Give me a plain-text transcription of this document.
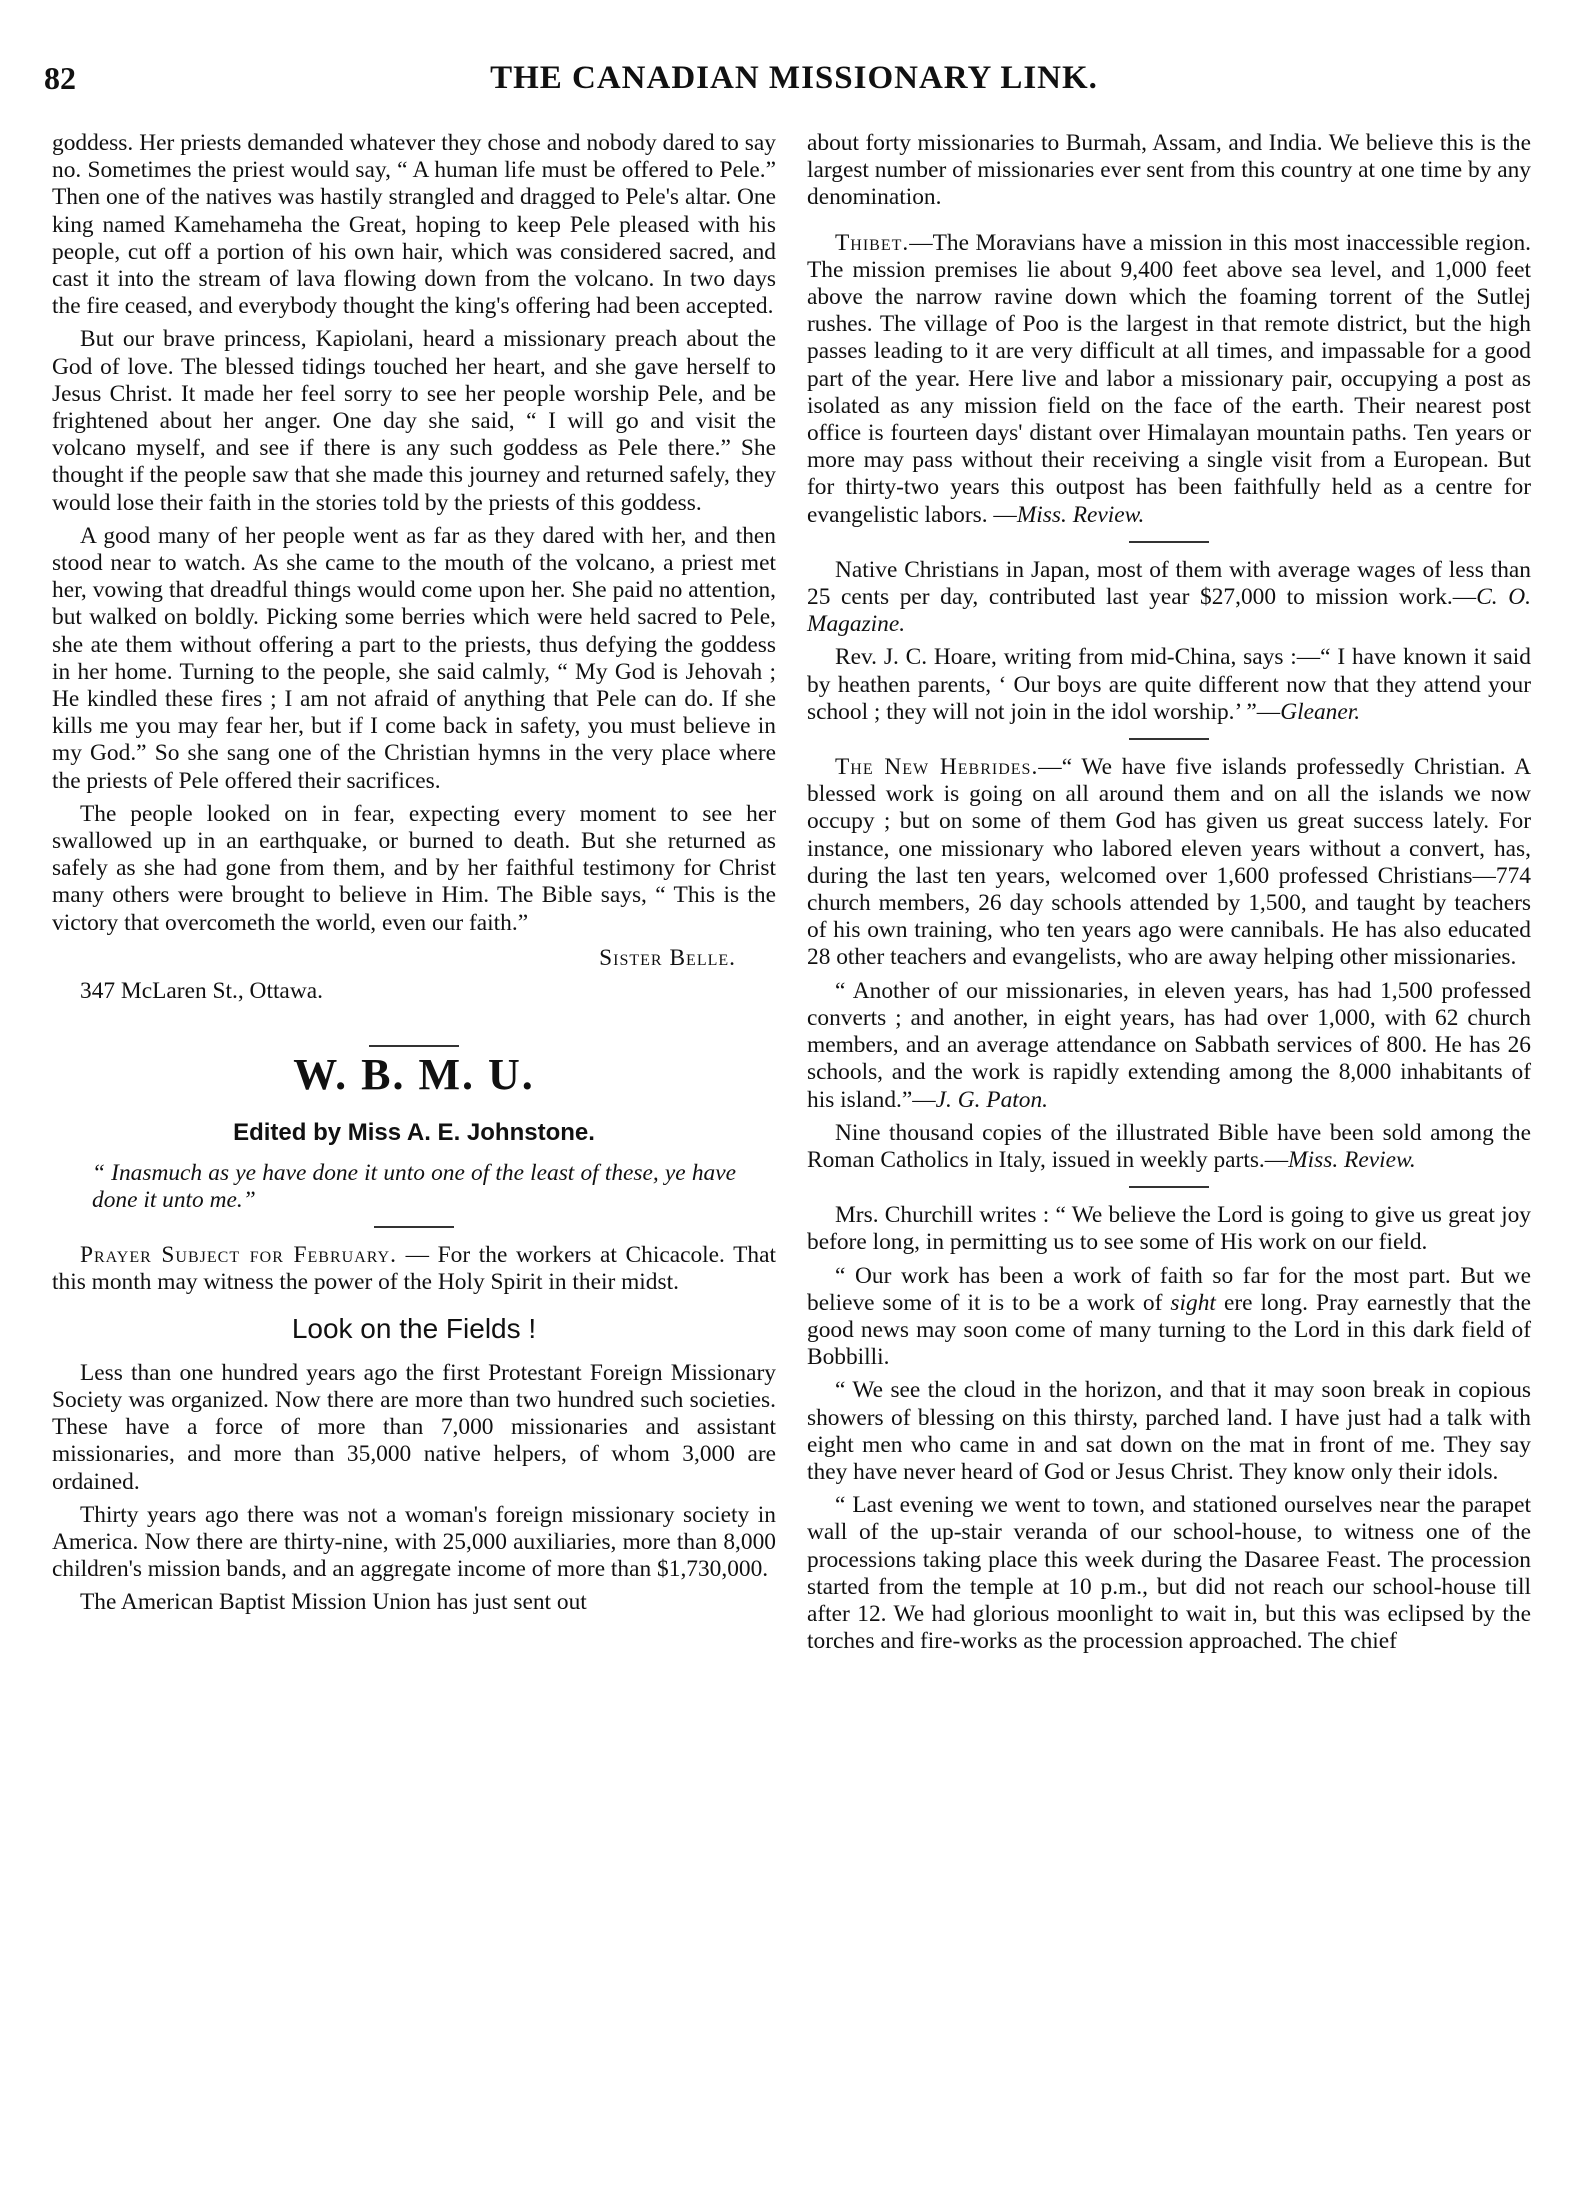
82	THE CANADIAN MISSIONARY LINK.

goddess. Her priests demanded whatever they chose and nobody dared to say no. Sometimes the priest would say, “ A human life must be offered to Pele.” Then one of the natives was hastily strangled and dragged to Pele's altar. One king named Kamehameha the Great, hoping to keep Pele pleased with his people, cut off a portion of his own hair, which was considered sacred, and cast it into the stream of lava flowing down from the volcano. In two days the fire ceased, and everybody thought the king's offering had been accepted.

But our brave princess, Kapiolani, heard a missionary preach about the God of love. The blessed tidings touched her heart, and she gave herself to Jesus Christ. It made her feel sorry to see her people worship Pele, and be frightened about her anger. One day she said, “ I will go and visit the volcano myself, and see if there is any such goddess as Pele there.” She thought if the people saw that she made this journey and returned safely, they would lose their faith in the stories told by the priests of this goddess.

A good many of her people went as far as they dared with her, and then stood near to watch. As she came to the mouth of the volcano, a priest met her, vowing that dreadful things would come upon her. She paid no attention, but walked on boldly. Picking some berries which were held sacred to Pele, she ate them without offering a part to the priests, thus defying the goddess in her home. Turning to the people, she said calmly, “ My God is Jehovah ; He kindled these fires ; I am not afraid of anything that Pele can do. If she kills me you may fear her, but if I come back in safety, you must believe in my God.” So she sang one of the Christian hymns in the very place where the priests of Pele offered their sacrifices.

The people looked on in fear, expecting every moment to see her swallowed up in an earthquake, or burned to death. But she returned as safely as she had gone from them, and by her faithful testimony for Christ many others were brought to believe in Him. The Bible says, “ This is the victory that overcometh the world, even our faith.”

Sister Belle.

347 McLaren St., Ottawa.

W. B. M. U.
Edited by Miss A. E. Johnstone.

“ Inasmuch as ye have done it unto one of the least of these, ye have done it unto me.”

Prayer Subject for February. — For the workers at Chicacole. That this month may witness the power of the Holy Spirit in their midst.

Look on the Fields !

Less than one hundred years ago the first Protestant Foreign Missionary Society was organized. Now there are more than two hundred such societies. These have a force of more than 7,000 missionaries and assistant missionaries, and more than 35,000 native helpers, of whom 3,000 are ordained.

Thirty years ago there was not a woman's foreign missionary society in America. Now there are thirty-nine, with 25,000 auxiliaries, more than 8,000 children's mission bands, and an aggregate income of more than $1,730,000.

The American Baptist Mission Union has just sent out

about forty missionaries to Burmah, Assam, and India. We believe this is the largest number of missionaries ever sent from this country at one time by any denomination.

Thibet.—The Moravians have a mission in this most inaccessible region. The mission premises lie about 9,400 feet above sea level, and 1,000 feet above the narrow ravine down which the foaming torrent of the Sutlej rushes. The village of Poo is the largest in that remote district, but the high passes leading to it are very difficult at all times, and impassable for a good part of the year. Here live and labor a missionary pair, occupying a post as isolated as any mission field on the face of the earth. Their nearest post office is fourteen days' distant over Himalayan mountain paths. Ten years or more may pass without their receiving a single visit from a European. But for thirty-two years this outpost has been faithfully held as a centre for evangelistic labors. —Miss. Review.

Native Christians in Japan, most of them with average wages of less than 25 cents per day, contributed last year $27,000 to mission work.—C. O. Magazine.

Rev. J. C. Hoare, writing from mid-China, says :—“ I have known it said by heathen parents, ‘ Our boys are quite different now that they attend your school ; they will not join in the idol worship.’ ”—Gleaner.

The New Hebrides.—“ We have five islands professedly Christian. A blessed work is going on all around them and on all the islands we now occupy ; but on some of them God has given us great success lately. For instance, one missionary who labored eleven years without a convert, has, during the last ten years, welcomed over 1,600 professed Christians—774 church members, 26 day schools attended by 1,500, and taught by teachers of his own training, who ten years ago were cannibals. He has also educated 28 other teachers and evangelists, who are away helping other missionaries.

“ Another of our missionaries, in eleven years, has had 1,500 professed converts ; and another, in eight years, has had over 1,000, with 62 church members, and an average attendance on Sabbath services of 800. He has 26 schools, and the work is rapidly extending among the 8,000 inhabitants of his island.”—J. G. Paton.

Nine thousand copies of the illustrated Bible have been sold among the Roman Catholics in Italy, issued in weekly parts.—Miss. Review.

Mrs. Churchill writes : “ We believe the Lord is going to give us great joy before long, in permitting us to see some of His work on our field.

“ Our work has been a work of faith so far for the most part. But we believe some of it is to be a work of sight ere long. Pray earnestly that the good news may soon come of many turning to the Lord in this dark field of Bobbilli.

“ We see the cloud in the horizon, and that it may soon break in copious showers of blessing on this thirsty, parched land. I have just had a talk with eight men who came in and sat down on the mat in front of me. They say they have never heard of God or Jesus Christ. They know only their idols.

“ Last evening we went to town, and stationed ourselves near the parapet wall of the up-stair veranda of our school-house, to witness one of the processions taking place this week during the Dasaree Feast. The procession started from the temple at 10 p.m., but did not reach our school-house till after 12. We had glorious moonlight to wait in, but this was eclipsed by the torches and fire-works as the procession approached. The chief
